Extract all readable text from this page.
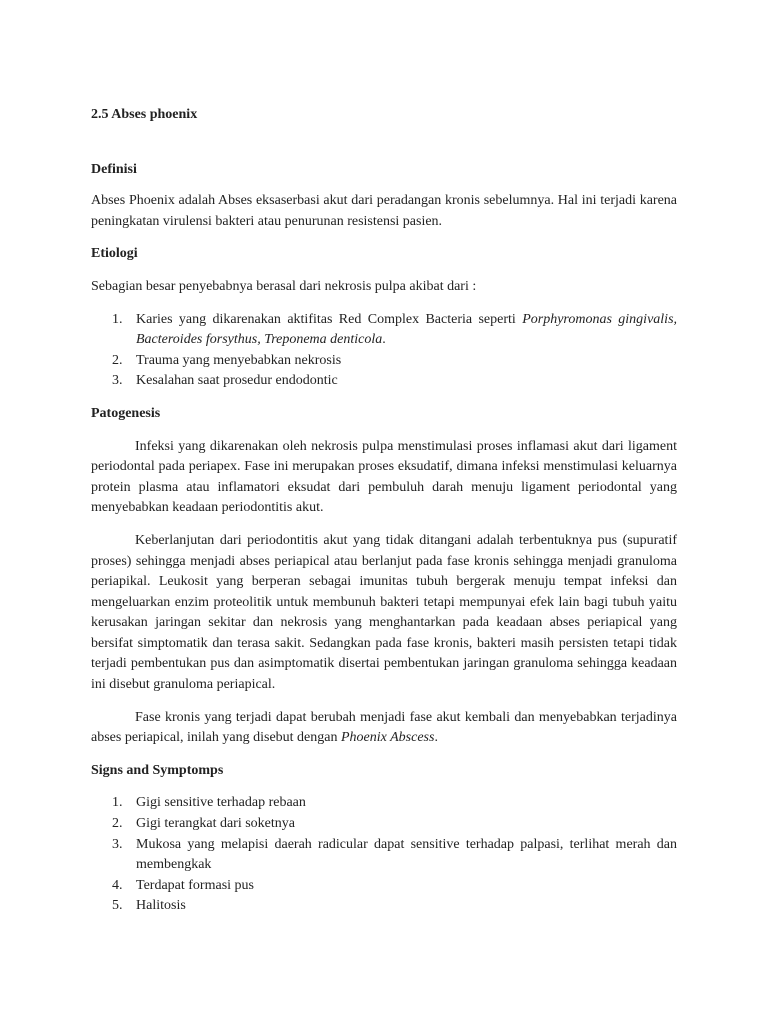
2.5 Abses phoenix

Definisi

Abses Phoenix adalah Abses eksaserbasi akut dari peradangan kronis sebelumnya. Hal ini terjadi karena peningkatan virulensi bakteri atau penurunan resistensi pasien.

Etiologi

Sebagian besar penyebabnya berasal dari nekrosis pulpa akibat dari :

1. Karies yang dikarenakan aktifitas Red Complex Bacteria seperti Porphyromonas gingivalis, Bacteroides forsythus, Treponema denticola.
2. Trauma yang menyebabkan nekrosis
3. Kesalahan saat prosedur endodontic

Patogenesis

Infeksi yang dikarenakan oleh nekrosis pulpa menstimulasi proses inflamasi akut dari ligament periodontal pada periapex. Fase ini merupakan proses eksudatif, dimana infeksi menstimulasi keluarnya protein plasma atau inflamatori eksudat dari pembuluh darah menuju ligament periodontal yang menyebabkan keadaan periodontitis akut.

Keberlanjutan dari periodontitis akut yang tidak ditangani adalah terbentuknya pus (supuratif proses) sehingga menjadi abses periapical atau berlanjut pada fase kronis sehingga menjadi granuloma periapikal. Leukosit yang berperan sebagai imunitas tubuh bergerak menuju tempat infeksi dan mengeluarkan enzim proteolitik untuk membunuh bakteri tetapi mempunyai efek lain bagi tubuh yaitu kerusakan jaringan sekitar dan nekrosis yang menghantarkan pada keadaan abses periapical yang bersifat simptomatik dan terasa sakit. Sedangkan pada fase kronis, bakteri masih persisten tetapi tidak terjadi pembentukan pus dan asimptomatik disertai pembentukan jaringan granuloma sehingga keadaan ini disebut granuloma periapical.

Fase kronis yang terjadi dapat berubah menjadi fase akut kembali dan menyebabkan terjadinya abses periapical, inilah yang disebut dengan Phoenix Abscess.

Signs and Symptomps

1. Gigi sensitive terhadap rebaan
2. Gigi terangkat dari soketnya
3. Mukosa yang melapisi daerah radicular dapat sensitive terhadap palpasi, terlihat merah dan membengkak
4. Terdapat formasi pus
5. Halitosis
